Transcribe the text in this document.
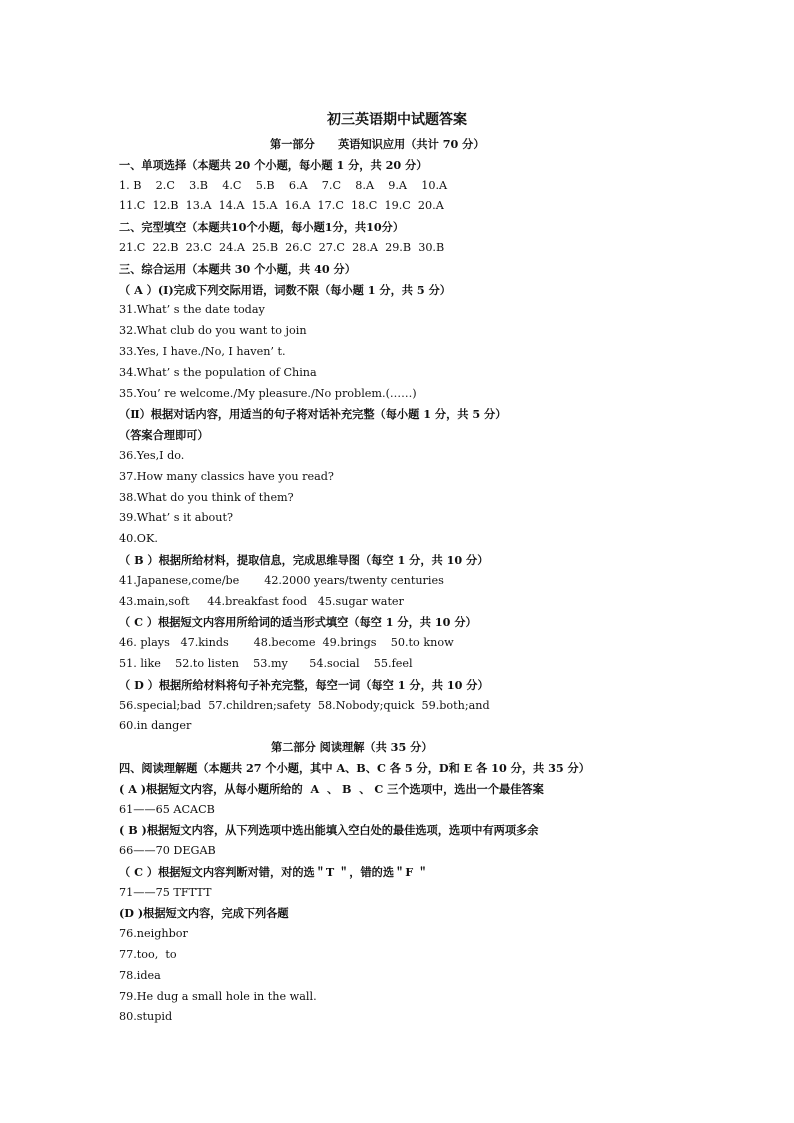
初三英语期中试题答案
第一部分      英语知识应用（共计 70 分）
一、单项选择（本题共 20 个小题，每小题 1 分，共 20 分）
1. B    2.C    3.B    4.C    5.B    6.A    7.C    8.A    9.A    10.A
11.C  12.B  13.A  14.A  15.A  16.A  17.C  18.C  19.C  20.A
二、完型填空（本题共10个小题，每小题1分，共10分）
21.C  22.B  23.C  24.A  25.B  26.C  27.C  28.A  29.B  30.B
三、综合运用（本题共 30 个小题，共 40 分）
（ A ）(Ⅰ)完成下列交际用语，词数不限（每小题 1 分，共 5 分）
31.What’ s the date today
32.What club do you want to join
33.Yes, I have./No, I haven’ t.
34.What’ s the population of China
35.You’ re welcome./My pleasure./No problem.(……)
（Ⅱ）根据对话内容，用适当的句子将对话补充完整（每小题 1 分，共 5 分）
（答案合理即可）
36.Yes,I do.
37.How many classics have you read?
38.What do you think of them?
39.What’ s it about?
40.OK.
（ B ）根据所给材料，提取信息，完成思维导图（每空 1 分，共 10 分）
41.Japanese,come/be       42.2000 years/twenty centuries
43.main,soft     44.breakfast food   45.sugar water
（ C ）根据短文内容用所给词的适当形式填空（每空 1 分，共 10 分）
46. plays   47.kinds       48.become  49.brings    50.to know
51. like    52.to listen    53.my      54.social    55.feel
（ D ）根据所给材料将句子补充完整，每空一词（每空 1 分，共 10 分）
56.special;bad  57.children;safety  58.Nobody;quick  59.both;and
60.in danger
第二部分 阅读理解（共 35 分）
四、阅读理解题（本题共 27 个小题，其中 A、B、C 各 5 分，D和 E 各 10 分，共 35 分）
( A )根据短文内容，从每小题所给的  A  、 B  、 C 三个选项中，选出一个最佳答案
61——65 ACACB
( B )根据短文内容，从下列选项中选出能填入空白处的最佳选项，选项中有两项多余
66——70 DEGAB
（ C ）根据短文内容判断对错，对的选＂T ＂，错的选＂F ＂
71——75 TFTTT
(D )根据短文内容，完成下列各题
76.neighbor
77.too,  to
78.idea
79.He dug a small hole in the wall.
80.stupid
